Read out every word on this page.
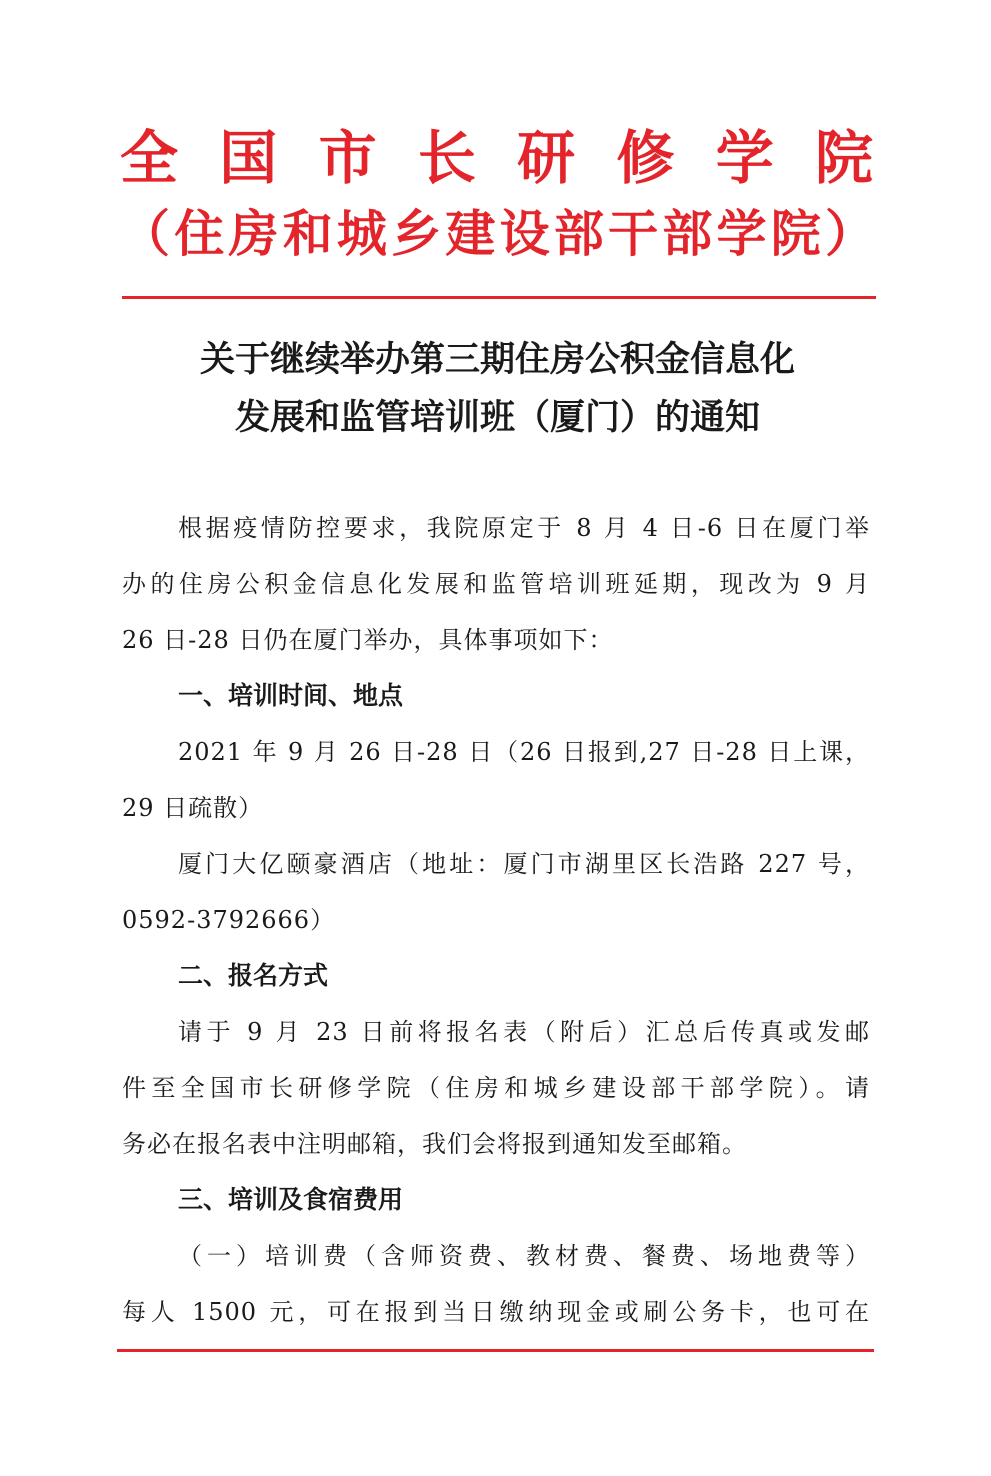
全 国 市 长 研 修 学 院
（住房和城乡建设部干部学院）
关于继续举办第三期住房公积金信息化
发展和监管培训班（厦门）的通知
根据疫情防控要求，我院原定于 8 月 4 日-6 日在厦门举
办的住房公积金信息化发展和监管培训班延期，现改为 9 月
26 日-28 日仍在厦门举办，具体事项如下：
一、培训时间、地点
2021 年 9 月 26 日-28 日（26 日报到,27 日-28 日上课，
29 日疏散）
厦门大亿颐豪酒店（地址：厦门市湖里区长浩路 227 号，
0592-3792666）
二、报名方式
请于 9 月 23 日前将报名表（附后）汇总后传真或发邮
件至全国市长研修学院（住房和城乡建设部干部学院）。请
务必在报名表中注明邮箱，我们会将报到通知发至邮箱。
三、培训及食宿费用
（一）培训费（含师资费、教材费、餐费、场地费等）
每人 1500 元，可在报到当日缴纳现金或刷公务卡，也可在
